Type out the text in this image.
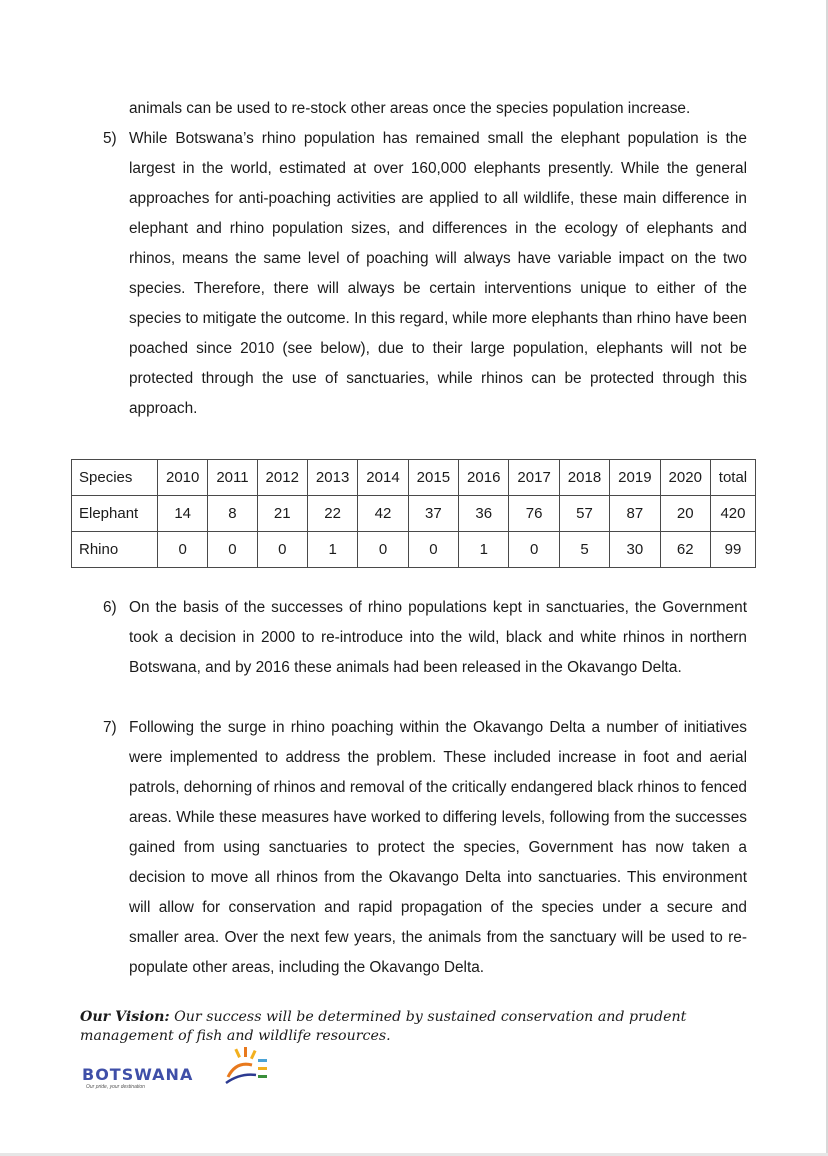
animals can be used to re-stock other areas once the species population increase.

5) While Botswana’s rhino population has remained small the elephant population is the largest in the world, estimated at over 160,000 elephants presently. While the general approaches for anti-poaching activities are applied to all wildlife, these main difference in elephant and rhino population sizes, and differences in the ecology of elephants and rhinos, means the same level of poaching will always have variable impact on the two species. Therefore, there will always be certain interventions unique to either of the species to mitigate the outcome. In this regard, while more elephants than rhino have been poached since 2010 (see below), due to their large population, elephants will not be protected through the use of sanctuaries, while rhinos can be protected through this approach.

Species	2010	2011	2012	2013	2014	2015	2016	2017	2018	2019	2020	total
Elephant	14	8	21	22	42	37	36	76	57	87	20	420
Rhino	0	0	0	1	0	0	1	0	5	30	62	99
6) On the basis of the successes of rhino populations kept in sanctuaries, the Government took a decision in 2000 to re-introduce into the wild, black and white rhinos in northern Botswana, and by 2016 these animals had been released in the Okavango Delta.

7) Following the surge in rhino poaching within the Okavango Delta a number of initiatives were implemented to address the problem. These included increase in foot and aerial patrols, dehorning of rhinos and removal of the critically endangered black rhinos to fenced areas. While these measures have worked to differing levels, following from the successes gained from using sanctuaries to protect the species, Government has now taken a decision to move all rhinos from the Okavango Delta into sanctuaries. This environment will allow for conservation and rapid propagation of the species under a secure and smaller area. Over the next few years, the animals from the sanctuary will be used to re-populate other areas, including the Okavango Delta.

Our Vision: Our success will be determined by sustained conservation and prudent management of fish and wildlife resources.
BOTSWANA
Our pride, your destination
